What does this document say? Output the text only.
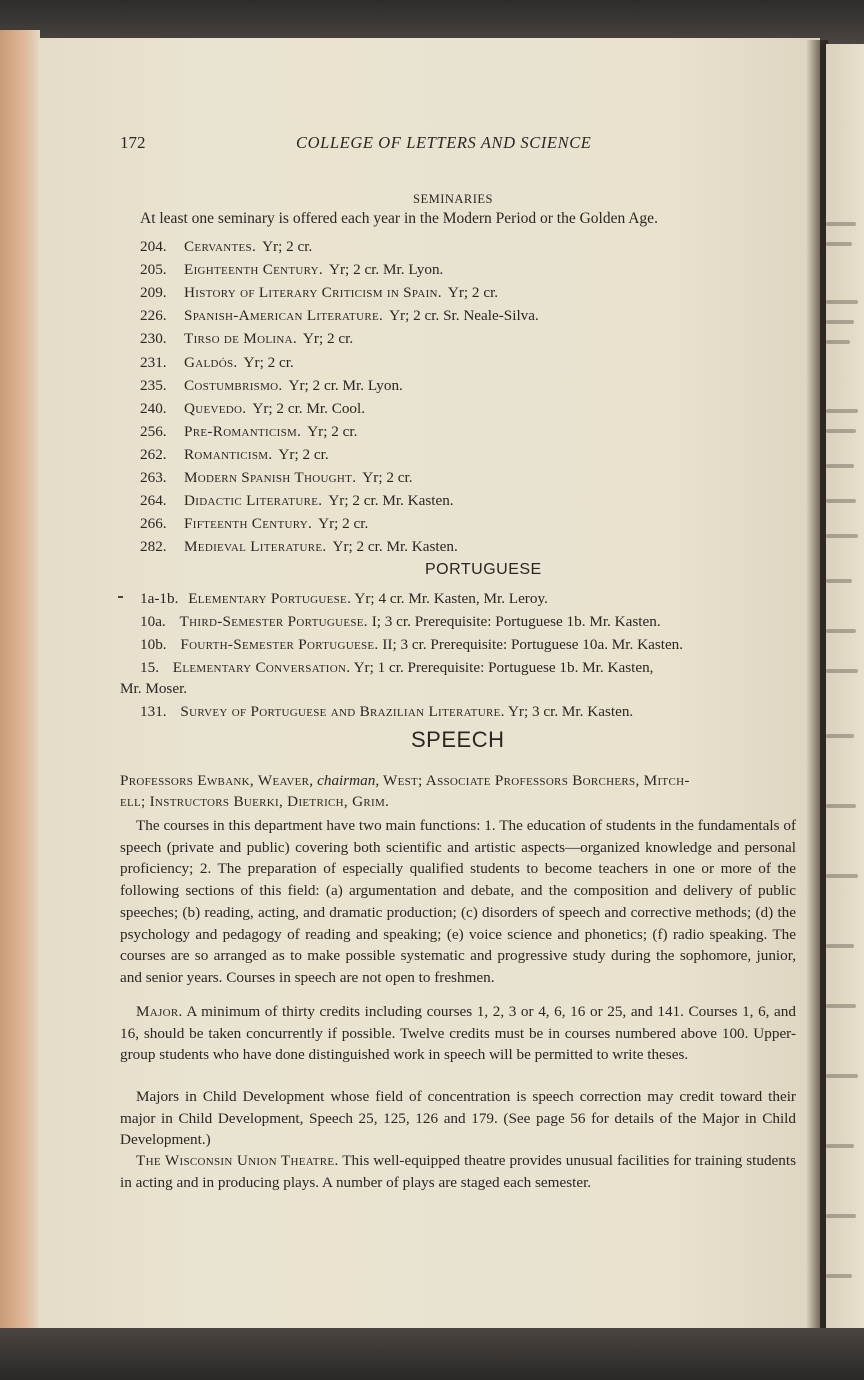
172	COLLEGE OF LETTERS AND SCIENCE
SEMINARIES
At least one seminary is offered each year in the Modern Period or the Golden Age.
204. Cervantes. Yr; 2 cr.
205. Eighteenth Century. Yr; 2 cr. Mr. Lyon.
209. History of Literary Criticism in Spain. Yr; 2 cr.
226. Spanish-American Literature. Yr; 2 cr. Sr. Neale-Silva.
230. Tirso de Molina. Yr; 2 cr.
231. Galdós. Yr; 2 cr.
235. Costumbrismo. Yr; 2 cr. Mr. Lyon.
240. Quevedo. Yr; 2 cr. Mr. Cool.
256. Pre-Romanticism. Yr; 2 cr.
262. Romanticism. Yr; 2 cr.
263. Modern Spanish Thought. Yr; 2 cr.
264. Didactic Literature. Yr; 2 cr. Mr. Kasten.
266. Fifteenth Century. Yr; 2 cr.
282. Medieval Literature. Yr; 2 cr. Mr. Kasten.
PORTUGUESE
1a-1b. Elementary Portuguese. Yr; 4 cr. Mr. Kasten, Mr. Leroy.
10a. Third-Semester Portuguese. I; 3 cr. Prerequisite: Portuguese 1b. Mr. Kasten.
10b. Fourth-Semester Portuguese. II; 3 cr. Prerequisite: Portuguese 10a. Mr. Kasten.
15. Elementary Conversation. Yr; 1 cr. Prerequisite: Portuguese 1b. Mr. Kasten,
Mr. Moser.
131. Survey of Portuguese and Brazilian Literature. Yr; 3 cr. Mr. Kasten.
SPEECH
Professors Ewbank, Weaver, chairman, West; Associate Professors Borchers, Mitch-
ell; Instructors Buerki, Dietrich, Grim.
The courses in this department have two main functions: 1. The education of students in the fundamentals of speech (private and public) covering both scientific and artistic aspects—organized knowledge and personal proficiency; 2. The preparation of especially qualified students to become teachers in one or more of the following sections of this field: (a) argumentation and debate, and the composition and delivery of public speeches; (b) reading, acting, and dramatic production; (c) disorders of speech and corrective methods; (d) the psychology and pedagogy of reading and speaking; (e) voice science and phonetics; (f) radio speaking. The courses are so arranged as to make possible systematic and progressive study during the sophomore, junior, and senior years. Courses in speech are not open to freshmen.
Major. A minimum of thirty credits including courses 1, 2, 3 or 4, 6, 16 or 25, and 141. Courses 1, 6, and 16, should be taken concurrently if possible. Twelve credits must be in courses numbered above 100. Upper-group students who have done distinguished work in speech will be permitted to write theses.
Majors in Child Development whose field of concentration is speech correction may credit toward their major in Child Development, Speech 25, 125, 126 and 179. (See page 56 for details of the Major in Child Development.)
The Wisconsin Union Theatre. This well-equipped theatre provides unusual facilities for training students in acting and in producing plays. A number of plays are staged each semester.
